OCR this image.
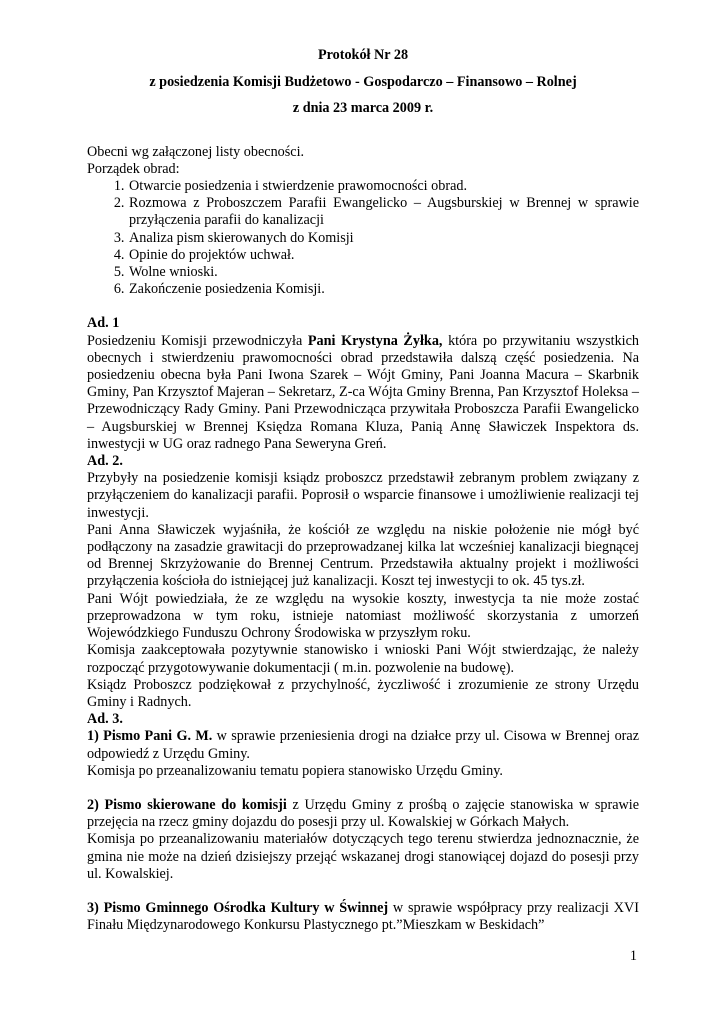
Protokół Nr 28

z posiedzenia Komisji Budżetowo - Gospodarczo – Finansowo – Rolnej

z dnia 23 marca 2009 r.

Obecni wg załączonej listy obecności.

Porządek obrad:

1. Otwarcie posiedzenia i stwierdzenie prawomocności obrad.
2. Rozmowa z Proboszczem Parafii Ewangelicko – Augsburskiej w Brennej w sprawie przyłączenia parafii do kanalizacji
3. Analiza pism skierowanych do Komisji
4. Opinie do projektów uchwał.
5. Wolne wnioski.
6. Zakończenie posiedzenia Komisji.

Ad. 1

Posiedzeniu Komisji przewodniczyła Pani Krystyna Żyłka, która po przywitaniu wszystkich obecnych i stwierdzeniu prawomocności obrad przedstawiła dalszą część posiedzenia. Na posiedzeniu obecna była Pani Iwona Szarek – Wójt Gminy, Pani Joanna Macura – Skarbnik Gminy, Pan Krzysztof Majeran – Sekretarz, Z-ca Wójta Gminy Brenna, Pan Krzysztof Holeksa – Przewodniczący Rady Gminy. Pani Przewodnicząca przywitała Proboszcza Parafii Ewangelicko – Augsburskiej w Brennej Księdza Romana Kluza, Panią Annę Sławiczek Inspektora ds. inwestycji w UG oraz radnego Pana Seweryna Greń.

Ad. 2.

Przybyły na posiedzenie komisji ksiądz proboszcz przedstawił zebranym problem związany z przyłączeniem do kanalizacji parafii. Poprosił o wsparcie finansowe i umożliwienie realizacji tej inwestycji.

Pani Anna Sławiczek wyjaśniła, że kościół ze względu na niskie położenie nie mógł być podłączony na zasadzie grawitacji do przeprowadzanej kilka lat wcześniej kanalizacji biegnącej od Brennej Skrzyżowanie do Brennej Centrum. Przedstawiła aktualny projekt i możliwości przyłączenia kościoła do istniejącej już kanalizacji. Koszt tej inwestycji to ok. 45 tys.zł.

Pani Wójt powiedziała, że ze względu na wysokie koszty, inwestycja ta nie może zostać przeprowadzona w tym roku, istnieje natomiast możliwość skorzystania z umorzeń Wojewódzkiego Funduszu Ochrony Środowiska w przyszłym roku.

Komisja zaakceptowała pozytywnie stanowisko i wnioski Pani Wójt stwierdzając, że należy rozpocząć przygotowywanie dokumentacji ( m.in. pozwolenie na budowę).

Ksiądz Proboszcz podziękował z przychylność, życzliwość i zrozumienie ze strony Urzędu Gminy i Radnych.

Ad. 3.

1) Pismo Pani G. M. w sprawie przeniesienia drogi na działce przy ul. Cisowa w Brennej oraz odpowiedź z Urzędu Gminy.

Komisja po przeanalizowaniu tematu popiera stanowisko Urzędu Gminy.

2) Pismo skierowane do komisji z Urzędu Gminy z prośbą o zajęcie stanowiska w sprawie przejęcia na rzecz gminy dojazdu do posesji przy ul. Kowalskiej w Górkach Małych.

Komisja po przeanalizowaniu materiałów dotyczących tego terenu stwierdza jednoznacznie, że gmina nie może na dzień dzisiejszy przejąć wskazanej drogi stanowiącej dojazd do posesji przy ul. Kowalskiej.

3) Pismo Gminnego Ośrodka Kultury w Świnnej w sprawie współpracy przy realizacji XVI Finału Międzynarodowego Konkursu Plastycznego pt.”Mieszkam w Beskidach”

1
